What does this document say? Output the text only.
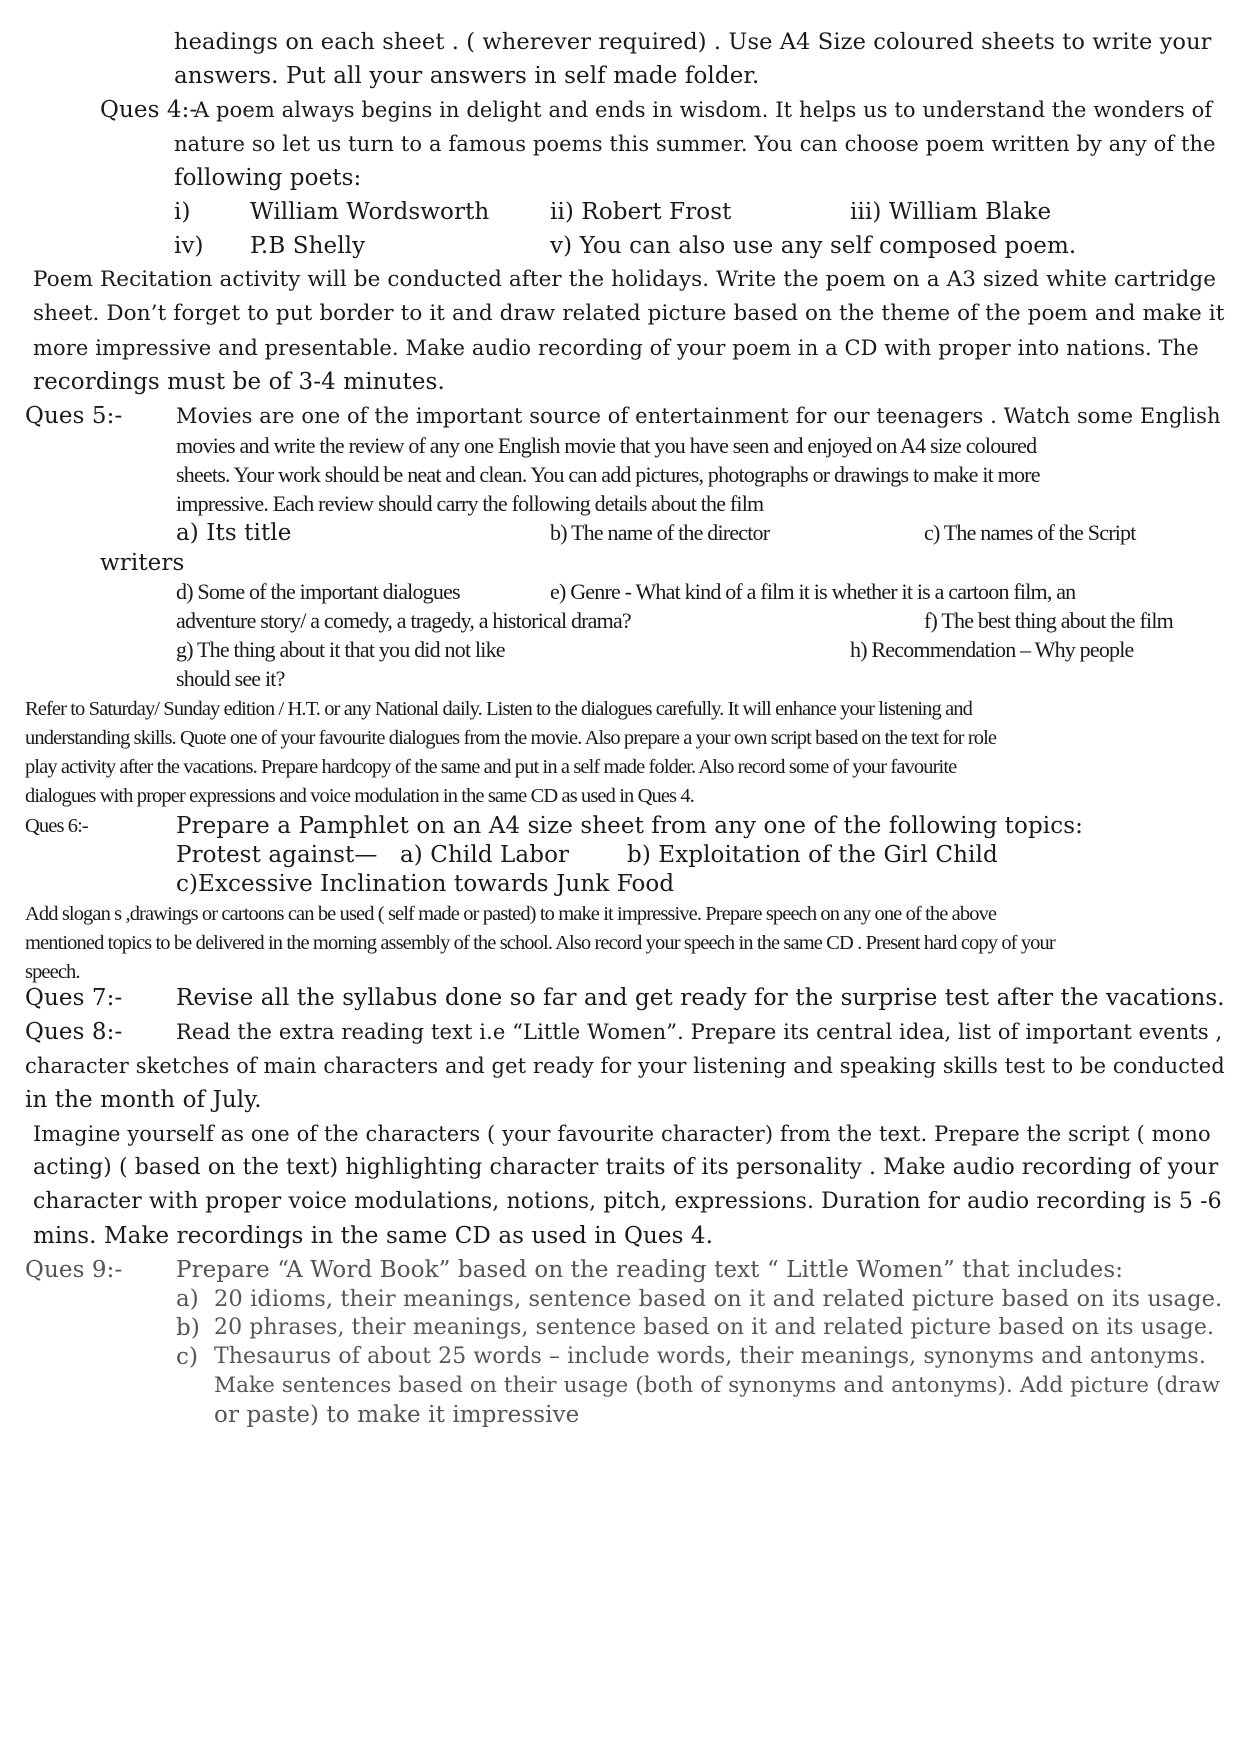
headings on each sheet . ( wherever required) . Use A4 Size coloured sheets to write your
answers. Put all your answers in self made folder.
Ques 4:-
A poem always begins in delight and ends in wisdom. It helps us to understand the wonders of
nature so let us turn to a famous poems this summer. You can choose poem written by any of the
following poets:
i)	William Wordsworth	ii) Robert Frost	iii) William Blake
iv) P.B Shelly	v) You can also use any self composed poem.
Poem Recitation activity will be conducted after the holidays. Write the poem on a A3 sized white cartridge
sheet. Don’t forget to put border to it and draw related picture based on the theme of the poem and make it
more impressive and presentable. Make audio recording of your poem in a CD with proper into nations. The
recordings must be of 3-4 minutes.
Ques 5:-	Movies are one of the important source of entertainment for our teenagers . Watch some English
movies and write the review of any one English movie that you have seen and enjoyed on A4 size coloured
sheets. Your work should be neat and clean. You can add pictures, photographs or drawings to make it more
impressive. Each review should carry the following details about the film
a) Its title	b) The name of the director	c) The names of the Script
writers
d) Some of the important dialogues	e) Genre - What kind of a film it is whether it is a cartoon film, an
adventure story/ a comedy, a tragedy, a historical drama?	f) The best thing about the film
g) The thing about it that you did not like	h) Recommendation – Why people
should see it?
Refer to Saturday/ Sunday edition / H.T. or any National daily. Listen to the dialogues carefully. It will enhance your listening and
understanding skills. Quote one of your favourite dialogues from the movie. Also prepare a your own script based on the text for role
play activity after the vacations. Prepare hardcopy of the same and put in a self made folder. Also record some of your favourite
dialogues with proper expressions and voice modulation in the same CD as used in Ques 4.
Ques 6:-	Prepare a Pamphlet on an A4 size sheet from any one of the following topics:
Protest against— a) Child Labor	b) Exploitation of the Girl Child
c)Excessive Inclination towards Junk Food
Add slogan s ,drawings or cartoons can be used ( self made or pasted) to make it impressive. Prepare speech on any one of the above
mentioned topics to be delivered in the morning assembly of the school. Also record your speech in the same CD . Present hard copy of your
speech.
Ques 7:- Revise all the syllabus done so far and get ready for the surprise test after the vacations.
Ques 8:-	Read the extra reading text i.e “Little Women”. Prepare its central idea, list of important events ,
character sketches of main characters and get ready for your listening and speaking skills test to be conducted
in the month of July.
Imagine yourself as one of the characters ( your favourite character) from the text. Prepare the script ( mono
acting) ( based on the text) highlighting character traits of its personality . Make audio recording of your
character with proper voice modulations, notions, pitch, expressions. Duration for audio recording is 5 -6
mins. Make recordings in the same CD as used in Ques 4.
Ques 9:- Prepare “A Word Book” based on the reading text “ Little Women” that includes:
a) 20 idioms, their meanings, sentence based on it and related picture based on its usage.
b) 20 phrases, their meanings, sentence based on it and related picture based on its usage.
c) Thesaurus of about 25 words – include words, their meanings, synonyms and antonyms.
Make sentences based on their usage (both of synonyms and antonyms). Add picture (draw
or paste) to make it impressive
